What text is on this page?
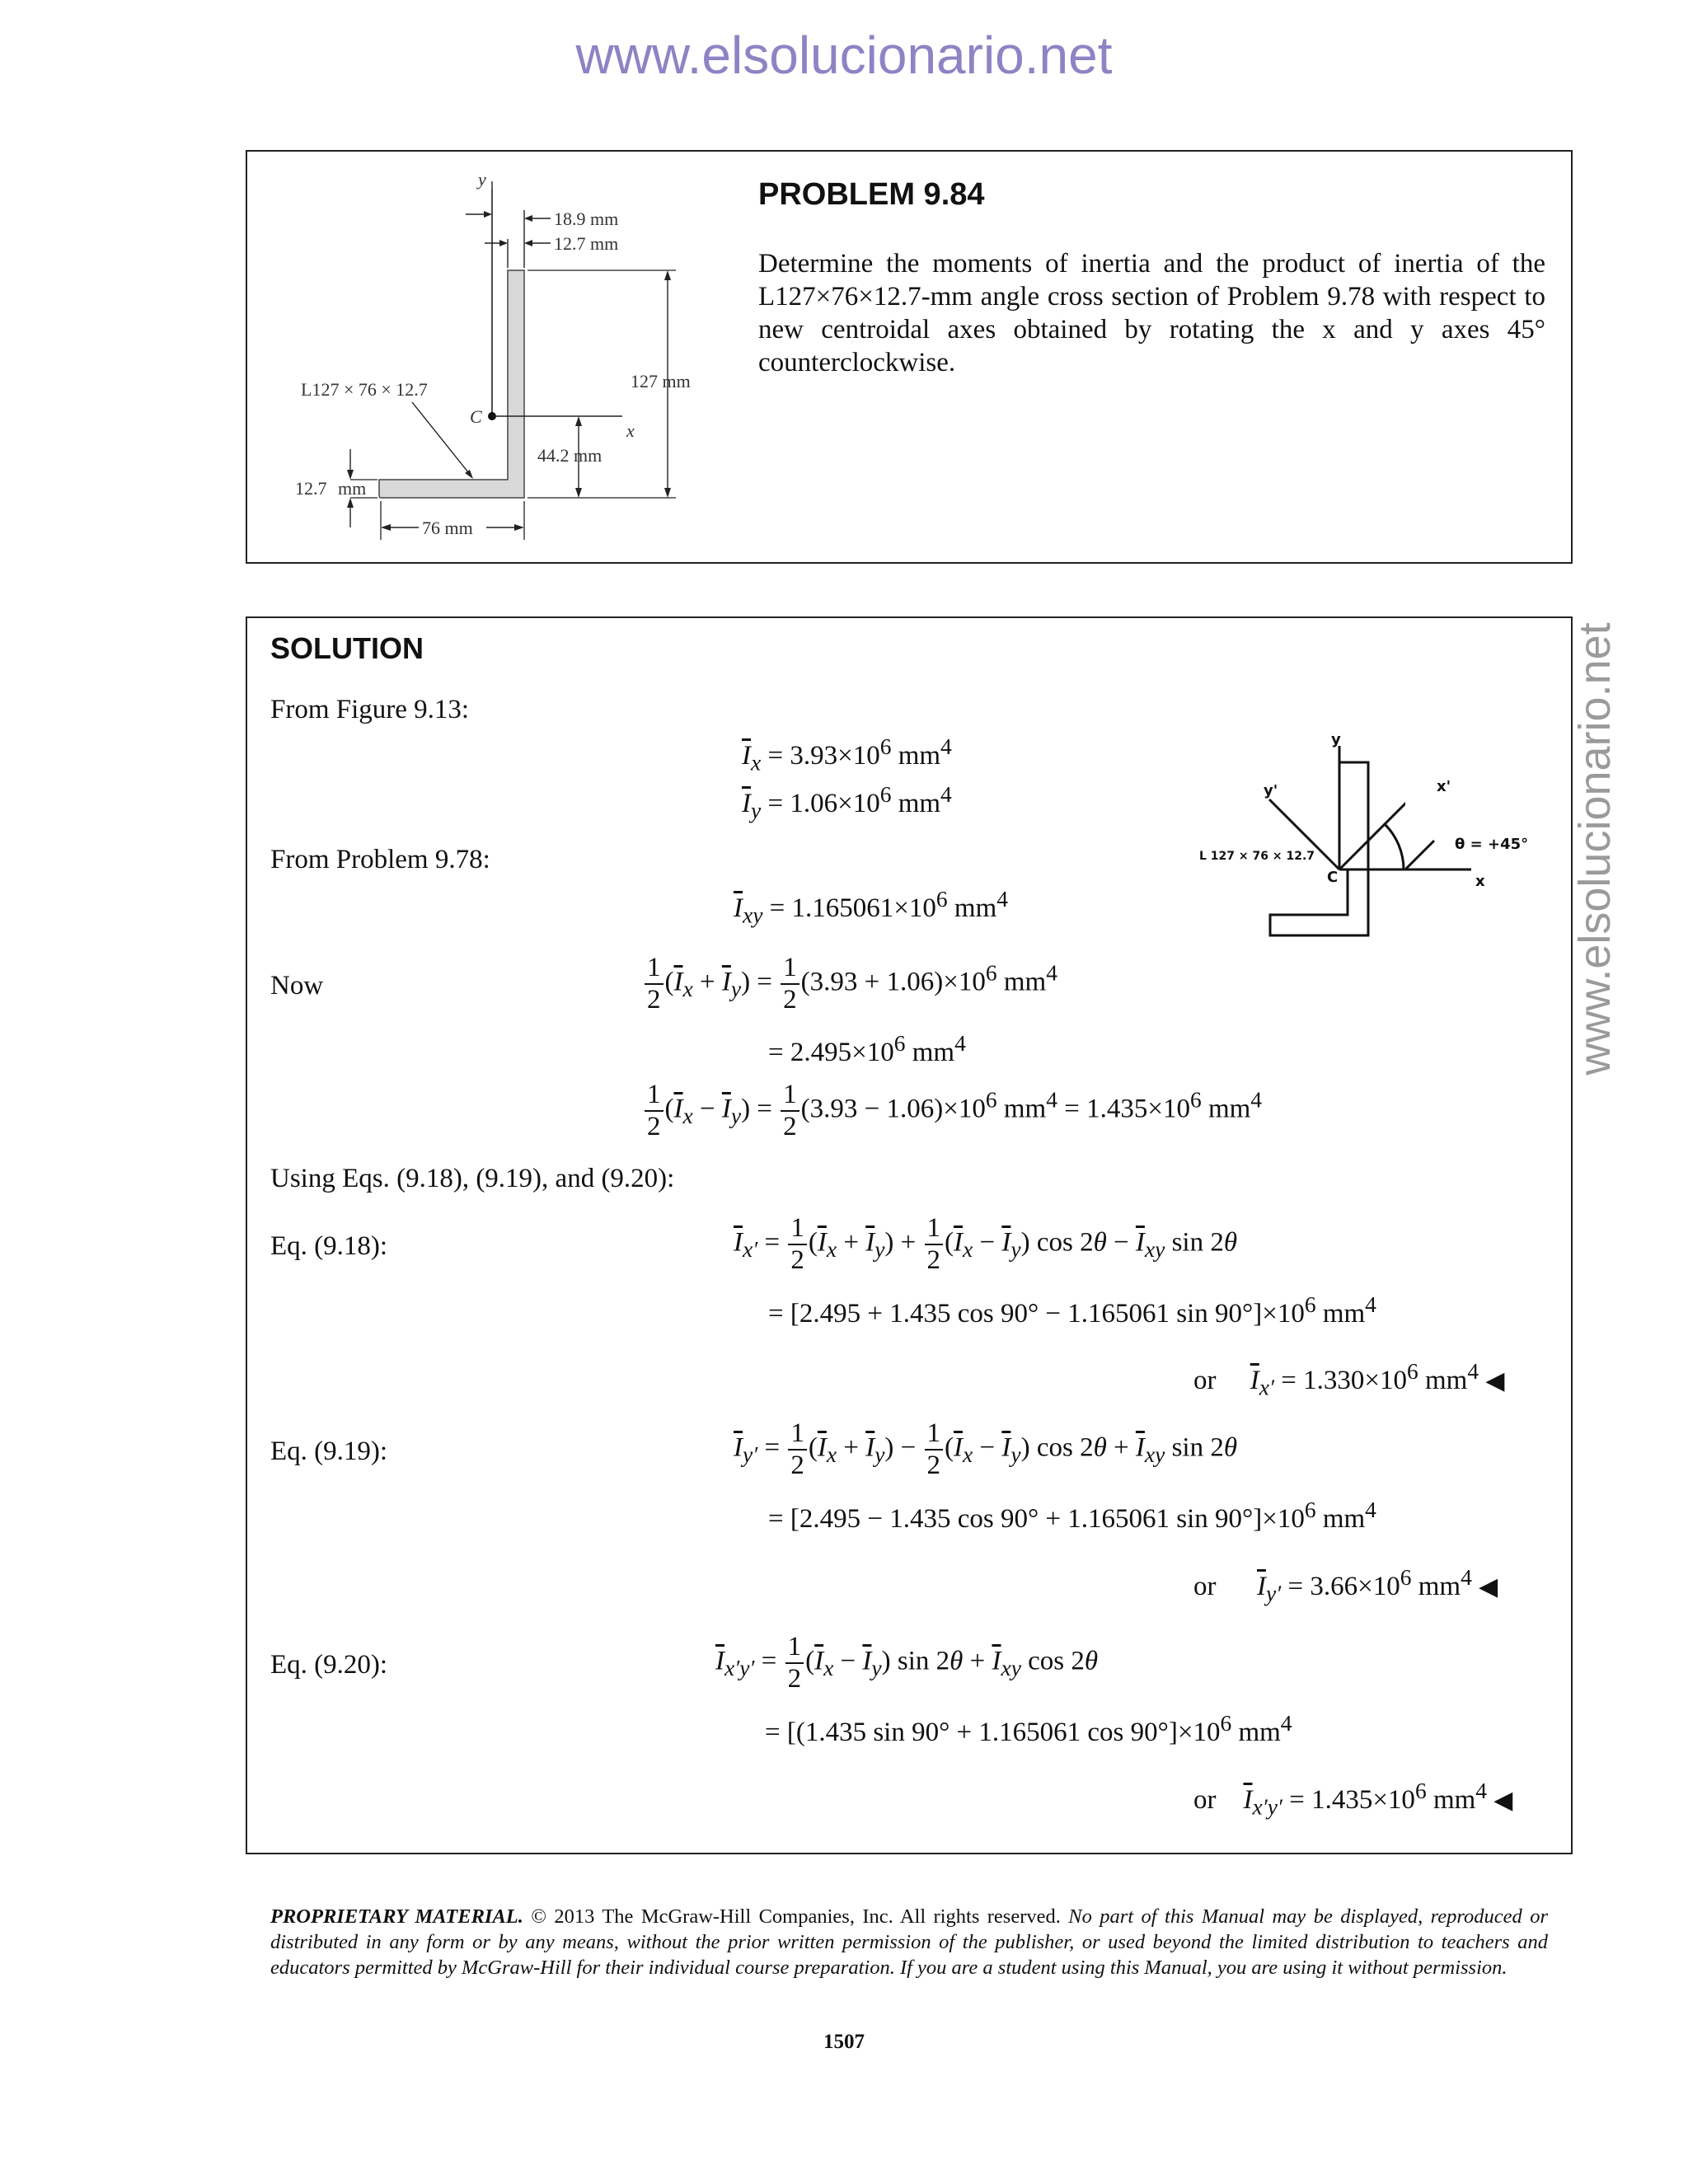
www.elsolucionario.net
www.elsolucionario.net
y
C
x
18.9 mm
12.7 mm
127 mm
44.2 mm
L127 × 76 × 12.7
12.7 mm
76 mm
PROBLEM 9.84
Determine the moments of inertia and the product of inertia of the L127×76×12.7-mm angle cross section of Problem 9.78 with respect to new centroidal axes obtained by rotating the x and y axes 45° counterclockwise.
SOLUTION
From Figure 9.13:
$\overline{I}_x = 3.93\times 10^6$ $mm^4$
$\overline{I}_y = 1.06\times 10^6$ $mm^4$
From Problem 9.78:
$\overline{I}_{xy} = 1.165061\times 10^6$ $mm^4$
y
y'
C
L 127 × 76 × 12.7
x'
θ = +45°
x
Now	$\frac{1}{2} (\overline{I}_x + \overline{I}_y) = \frac{1}{2} (3.93 + 1.06)\times 10^6$ $mm^4$
= $2.495\times 10^6$ $mm^4$
$\frac{1}{2} (\overline{I}_x - \overline{I}_y) = \frac{1}{2} (3.93 - 1.06)\times 10^6$ $mm^4 = 1.435\times 10^6$ $mm^4$
Using Eqs. (9.18), (9.19), and (9.20):
Eq. (9.18):	$\overline{I}_{x'} = \frac{1}{2} (\overline{I}_x + \overline{I}_y) + \frac{1}{2} (\overline{I}_x - \overline{I}_y)$ $\cos 2\theta - \overline{I}_{xy}$ sin 2θ
= [2.495 + 1.435 cos 90° − 1.165061 $\sin 90^\circ]\times 10^6$ $mm^4$
or $\overline{I}_{x'} = 1.330\times 10^6$ $mm^4$ ◀
Eq. (9.19):	$\overline{I}_{y'} = \frac{1}{2} (\overline{I}_x + \overline{I}_y) - \frac{1}{2} (\overline{I}_x - \overline{I}_y)$ $\cos 2\theta + \overline{I}_{xy}$ sin 2θ
= [2.495 − 1.435 cos 90° + 1.165061 $\sin 90^\circ]\times 10^6$ $mm^4$
or $\overline{I}_{y'} = 3.66\times 10^6$ $mm^4$ ◀
Eq. (9.20):	$\overline{I}_{x'y'} = \frac{1}{2} (\overline{I}_x - \overline{I}_y)$ $\sin 2\theta + \overline{I}_{xy}$ cos 2θ
= [(1.435 sin 90° + 1.165061 $\cos 90^\circ]\times 10^6$ $mm^4$
or $\overline{I}_{x'y'} = 1.435\times 10^6$ $mm^4$ ◀
PROPRIETARY MATERIAL. © 2013 The McGraw-Hill Companies, Inc. All rights reserved. No part of this Manual may be displayed, reproduced or distributed in any form or by any means, without the prior written permission of the publisher, or used beyond the limited distribution to teachers and educators permitted by McGraw-Hill for their individual course preparation. If you are a student using this Manual, you are using it without permission.
1507
